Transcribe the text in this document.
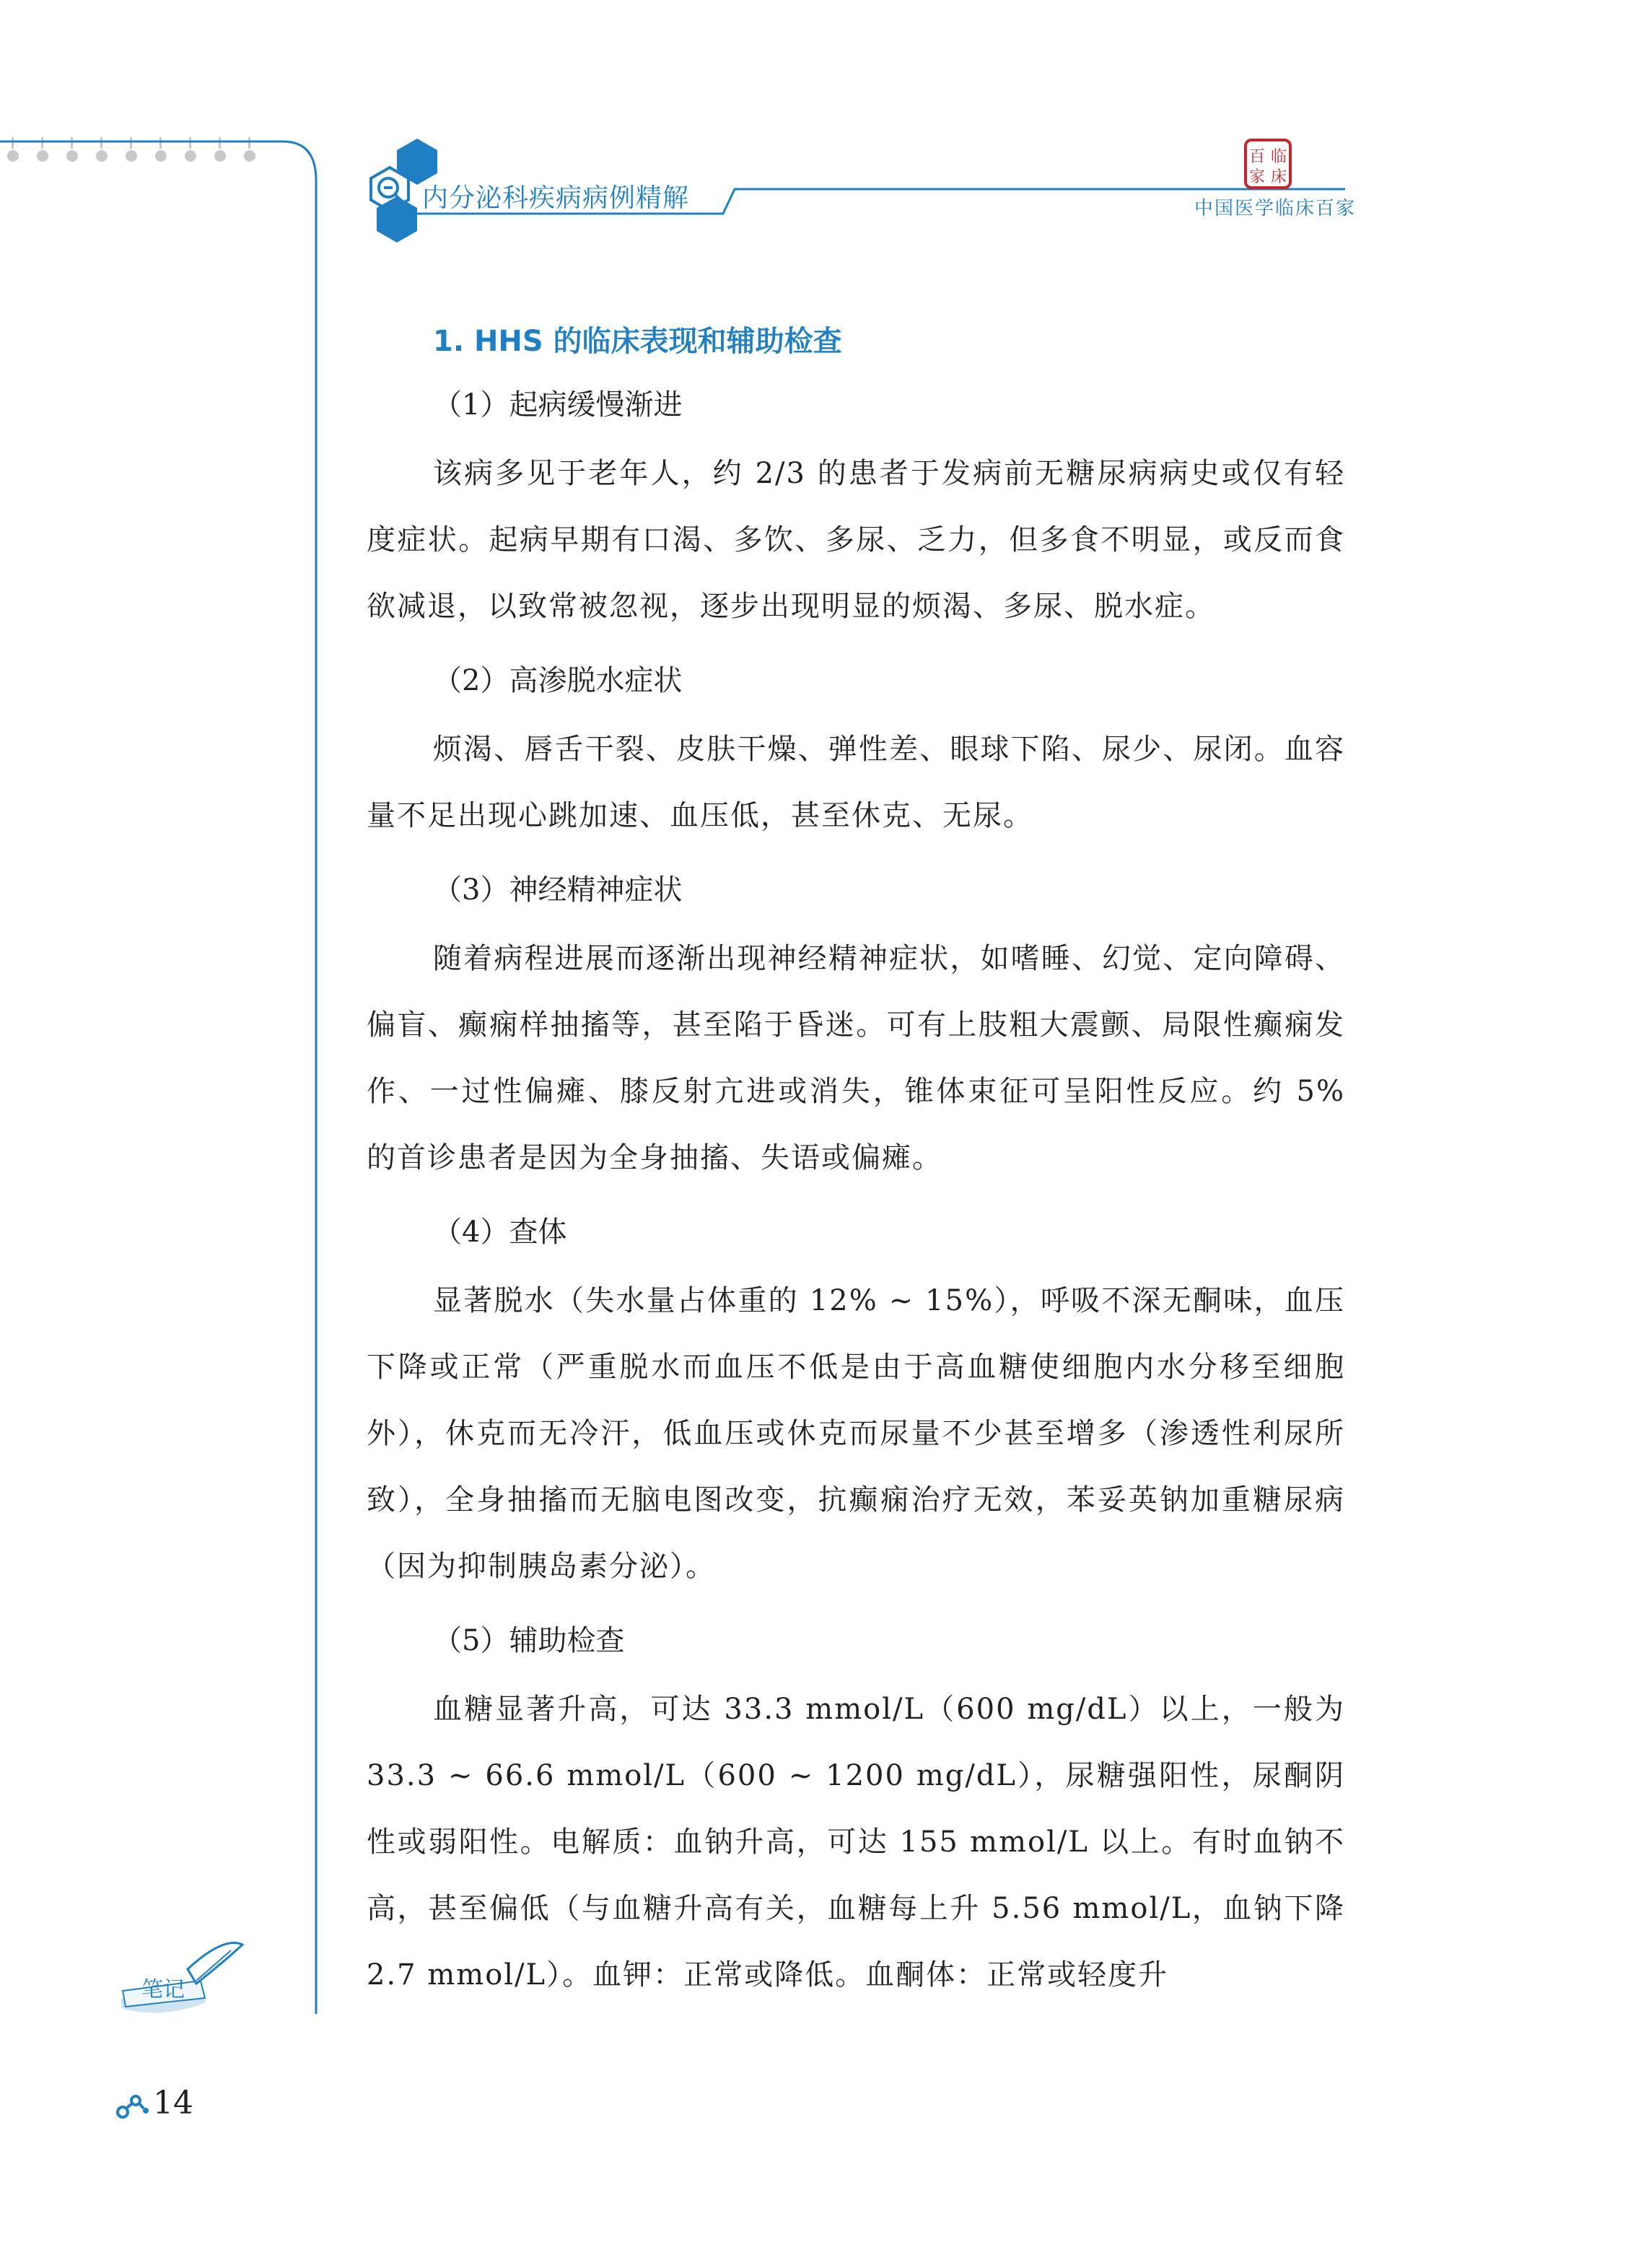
内分泌科疾病病例精解
百 临
家 床
中国医学临床百家
1. HHS 的临床表现和辅助检查
（1）起病缓慢渐进

该病多见于老年人，约 2/3 的患者于发病前无糖尿病病史或仅有轻度症状。起病早期有口渴、多饮、多尿、乏力，但多食不明显，或反而食欲减退，以致常被忽视，逐步出现明显的烦渴、多尿、脱水症。

（2）高渗脱水症状

烦渴、唇舌干裂、皮肤干燥、弹性差、眼球下陷、尿少、尿闭。血容量不足出现心跳加速、血压低，甚至休克、无尿。

（3）神经精神症状

随着病程进展而逐渐出现神经精神症状，如嗜睡、幻觉、定向障碍、偏盲、癫痫样抽搐等，甚至陷于昏迷。可有上肢粗大震颤、局限性癫痫发作、一过性偏瘫、膝反射亢进或消失，锥体束征可呈阳性反应。约 5% 的首诊患者是因为全身抽搐、失语或偏瘫。

（4）查体

显著脱水（失水量占体重的 12% ~ 15%），呼吸不深无酮味，血压下降或正常（严重脱水而血压不低是由于高血糖使细胞内水分移至细胞外），休克而无冷汗，低血压或休克而尿量不少甚至增多（渗透性利尿所致），全身抽搐而无脑电图改变，抗癫痫治疗无效，苯妥英钠加重糖尿病（因为抑制胰岛素分泌）。

（5）辅助检查

血糖显著升高，可达 33.3 mmol/L（600 mg/dL）以上，一般为 33.3 ~ 66.6 mmol/L（600 ~ 1200 mg/dL），尿糖强阳性，尿酮阴性或弱阳性。电解质：血钠升高，可达 155 mmol/L 以上。有时血钠不高，甚至偏低（与血糖升高有关，血糖每上升 5.56 mmol/L，血钠下降 2.7 mmol/L）。血钾：正常或降低。血酮体：正常或轻度升

笔记
14
